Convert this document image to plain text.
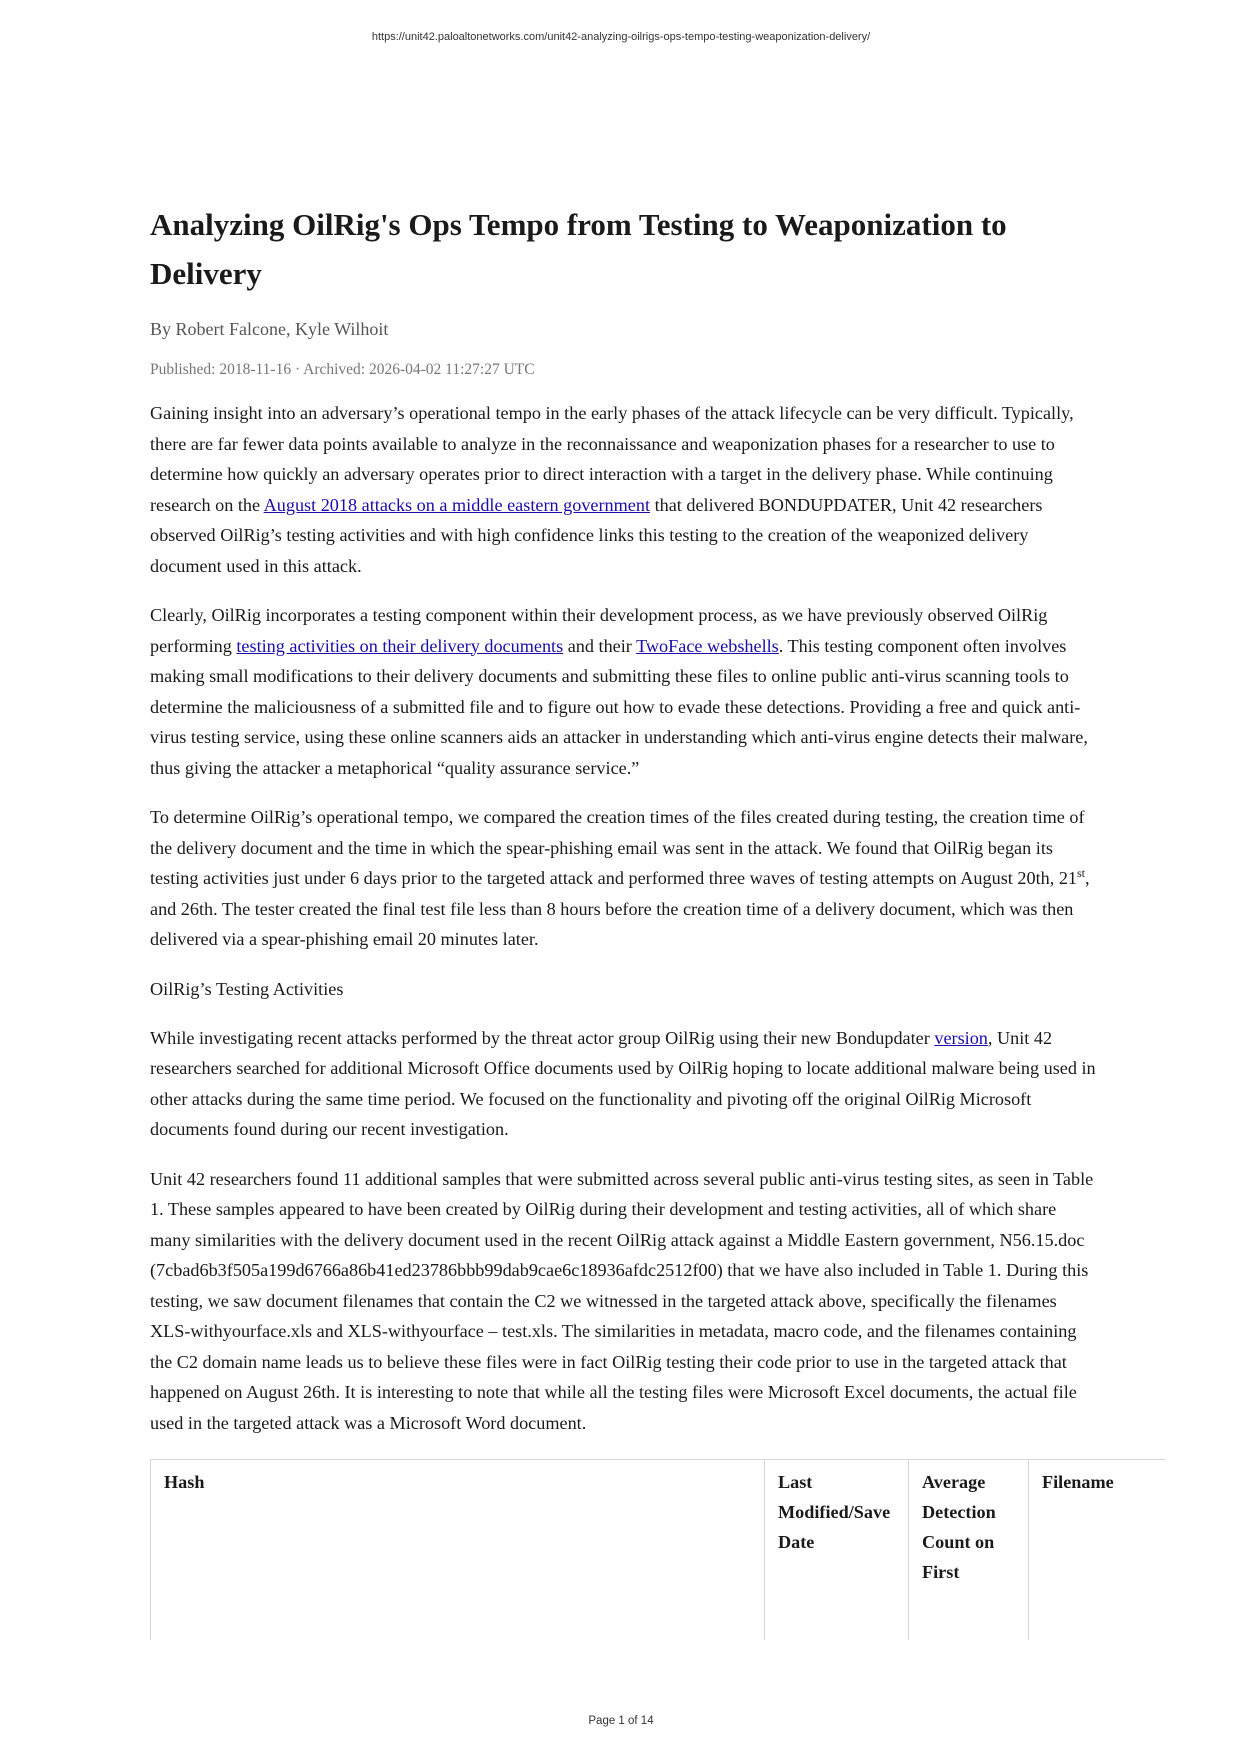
https://unit42.paloaltonetworks.com/unit42-analyzing-oilrigs-ops-tempo-testing-weaponization-delivery/
Analyzing OilRig's Ops Tempo from Testing to Weaponization to Delivery
By Robert Falcone, Kyle Wilhoit
Published: 2018-11-16 · Archived: 2026-04-02 11:27:27 UTC

Gaining insight into an adversary’s operational tempo in the early phases of the attack lifecycle can be very difficult. Typically, there are far fewer data points available to analyze in the reconnaissance and weaponization phases for a researcher to use to determine how quickly an adversary operates prior to direct interaction with a target in the delivery phase. While continuing research on the August 2018 attacks on a middle eastern government that delivered BONDUPDATER, Unit 42 researchers observed OilRig’s testing activities and with high confidence links this testing to the creation of the weaponized delivery document used in this attack.

Clearly, OilRig incorporates a testing component within their development process, as we have previously observed OilRig performing testing activities on their delivery documents and their TwoFace webshells. This testing component often involves making small modifications to their delivery documents and submitting these files to online public anti-virus scanning tools to determine the maliciousness of a submitted file and to figure out how to evade these detections. Providing a free and quick anti-virus testing service, using these online scanners aids an attacker in understanding which anti-virus engine detects their malware, thus giving the attacker a metaphorical “quality assurance service.”

To determine OilRig’s operational tempo, we compared the creation times of the files created during testing, the creation time of the delivery document and the time in which the spear-phishing email was sent in the attack. We found that OilRig began its testing activities just under 6 days prior to the targeted attack and performed three waves of testing attempts on August 20th, 21st, and 26th. The tester created the final test file less than 8 hours before the creation time of a delivery document, which was then delivered via a spear-phishing email 20 minutes later.

OilRig’s Testing Activities

While investigating recent attacks performed by the threat actor group OilRig using their new Bondupdater version, Unit 42 researchers searched for additional Microsoft Office documents used by OilRig hoping to locate additional malware being used in other attacks during the same time period. We focused on the functionality and pivoting off the original OilRig Microsoft documents found during our recent investigation.

Unit 42 researchers found 11 additional samples that were submitted across several public anti-virus testing sites, as seen in Table 1. These samples appeared to have been created by OilRig during their development and testing activities, all of which share many similarities with the delivery document used in the recent OilRig attack against a Middle Eastern government, N56.15.doc (7cbad6b3f505a199d6766a86b41ed23786bbb99dab9cae6c18936afdc2512f00) that we have also included in Table 1. During this testing, we saw document filenames that contain the C2 we witnessed in the targeted attack above, specifically the filenames XLS-withyourface.xls and XLS-withyourface – test.xls. The similarities in metadata, macro code, and the filenames containing the C2 domain name leads us to believe these files were in fact OilRig testing their code prior to use in the targeted attack that happened on August 26th. It is interesting to note that while all the testing files were Microsoft Excel documents, the actual file used in the targeted attack was a Microsoft Word document.

Hash	Last Modified/Save Date	Average Detection Count on First	Filename
Page 1 of 14
